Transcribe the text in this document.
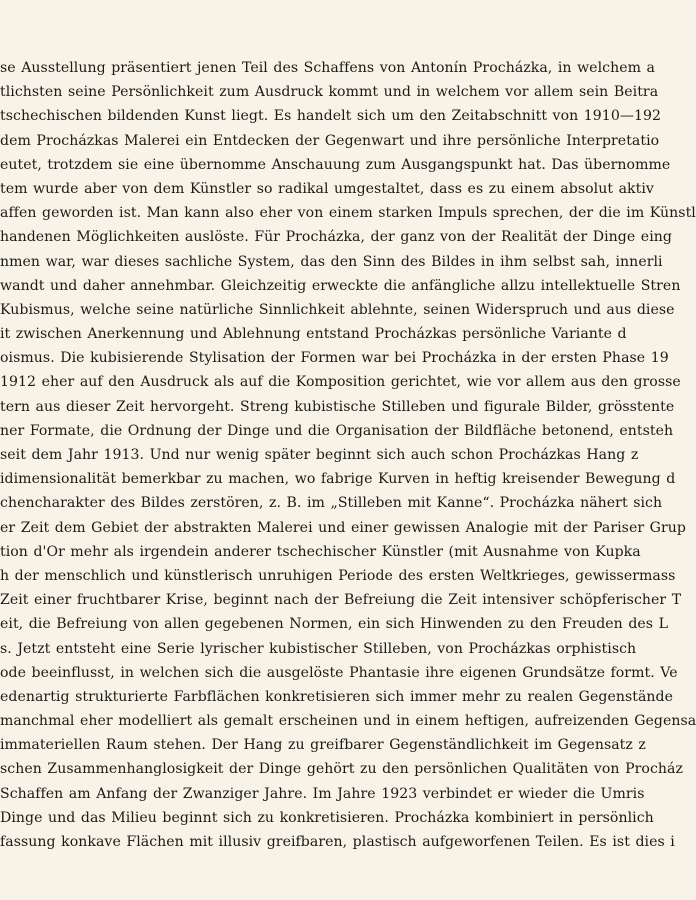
se Ausstellung präsentiert jenen Teil des Schaffens von Antonín Procházka, in welchem a
tlichsten seine Persönlichkeit zum Ausdruck kommt und in welchem vor allem sein Beitra
tschechischen bildenden Kunst liegt. Es handelt sich um den Zeitabschnitt von 1910—192
dem Procházkas Malerei ein Entdecken der Gegenwart und ihre persönliche Interpretatio
eutet, trotzdem sie eine übernomme Anschauung zum Ausgangspunkt hat. Das übernomme
tem wurde aber von dem Künstler so radikal umgestaltet, dass es zu einem absolut aktiv
affen geworden ist. Man kann also eher von einem starken Impuls sprechen, der die im Künstl
handenen Möglichkeiten auslöste. Für Procházka, der ganz von der Realität der Dinge eing
nmen war, war dieses sachliche System, das den Sinn des Bildes in ihm selbst sah, innerli
wandt und daher annehmbar. Gleichzeitig erweckte die anfängliche allzu intellektuelle Stren
Kubismus, welche seine natürliche Sinnlichkeit ablehnte, seinen Widerspruch und aus diese
it zwischen Anerkennung und Ablehnung entstand Procházkas persönliche Variante d
oismus. Die kubisierende Stylisation der Formen war bei Procházka in der ersten Phase 19
1912 eher auf den Ausdruck als auf die Komposition gerichtet, wie vor allem aus den grosse
tern aus dieser Zeit hervorgeht. Streng kubistische Stilleben und figurale Bilder, grösstente
ner Formate, die Ordnung der Dinge und die Organisation der Bildfläche betonend, entsteh
seit dem Jahr 1913. Und nur wenig später beginnt sich auch schon Procházkas Hang z
idimensionalität bemerkbar zu machen, wo fabrige Kurven in heftig kreisender Bewegung d
chencharakter des Bildes zerstören, z. B. im „Stilleben mit Kanne“. Procházka nähert sich
er Zeit dem Gebiet der abstrakten Malerei und einer gewissen Analogie mit der Pariser Grup
tion d'Or mehr als irgendein anderer tschechischer Künstler (mit Ausnahme von Kupka
h der menschlich und künstlerisch unruhigen Periode des ersten Weltkrieges, gewissermass
Zeit einer fruchtbarer Krise, beginnt nach der Befreiung die Zeit intensiver schöpferischer T
eit, die Befreiung von allen gegebenen Normen, ein sich Hinwenden zu den Freuden des L
s. Jetzt entsteht eine Serie lyrischer kubistischer Stilleben, von Procházkas orphistisch
ode beeinflusst, in welchen sich die ausgelöste Phantasie ihre eigenen Grundsätze formt. Ve
edenartig strukturierte Farbflächen konkretisieren sich immer mehr zu realen Gegenstände
manchmal eher modelliert als gemalt erscheinen und in einem heftigen, aufreizenden Gegensa
immateriellen Raum stehen. Der Hang zu greifbarer Gegenständlichkeit im Gegensatz z
schen Zusammenhanglosigkeit der Dinge gehört zu den persönlichen Qualitäten von Procház
Schaffen am Anfang der Zwanziger Jahre. Im Jahre 1923 verbindet er wieder die Umris
Dinge und das Milieu beginnt sich zu konkretisieren. Procházka kombiniert in persönlich
fassung konkave Flächen mit illusiv greifbaren, plastisch aufgeworfenen Teilen. Es ist dies i
